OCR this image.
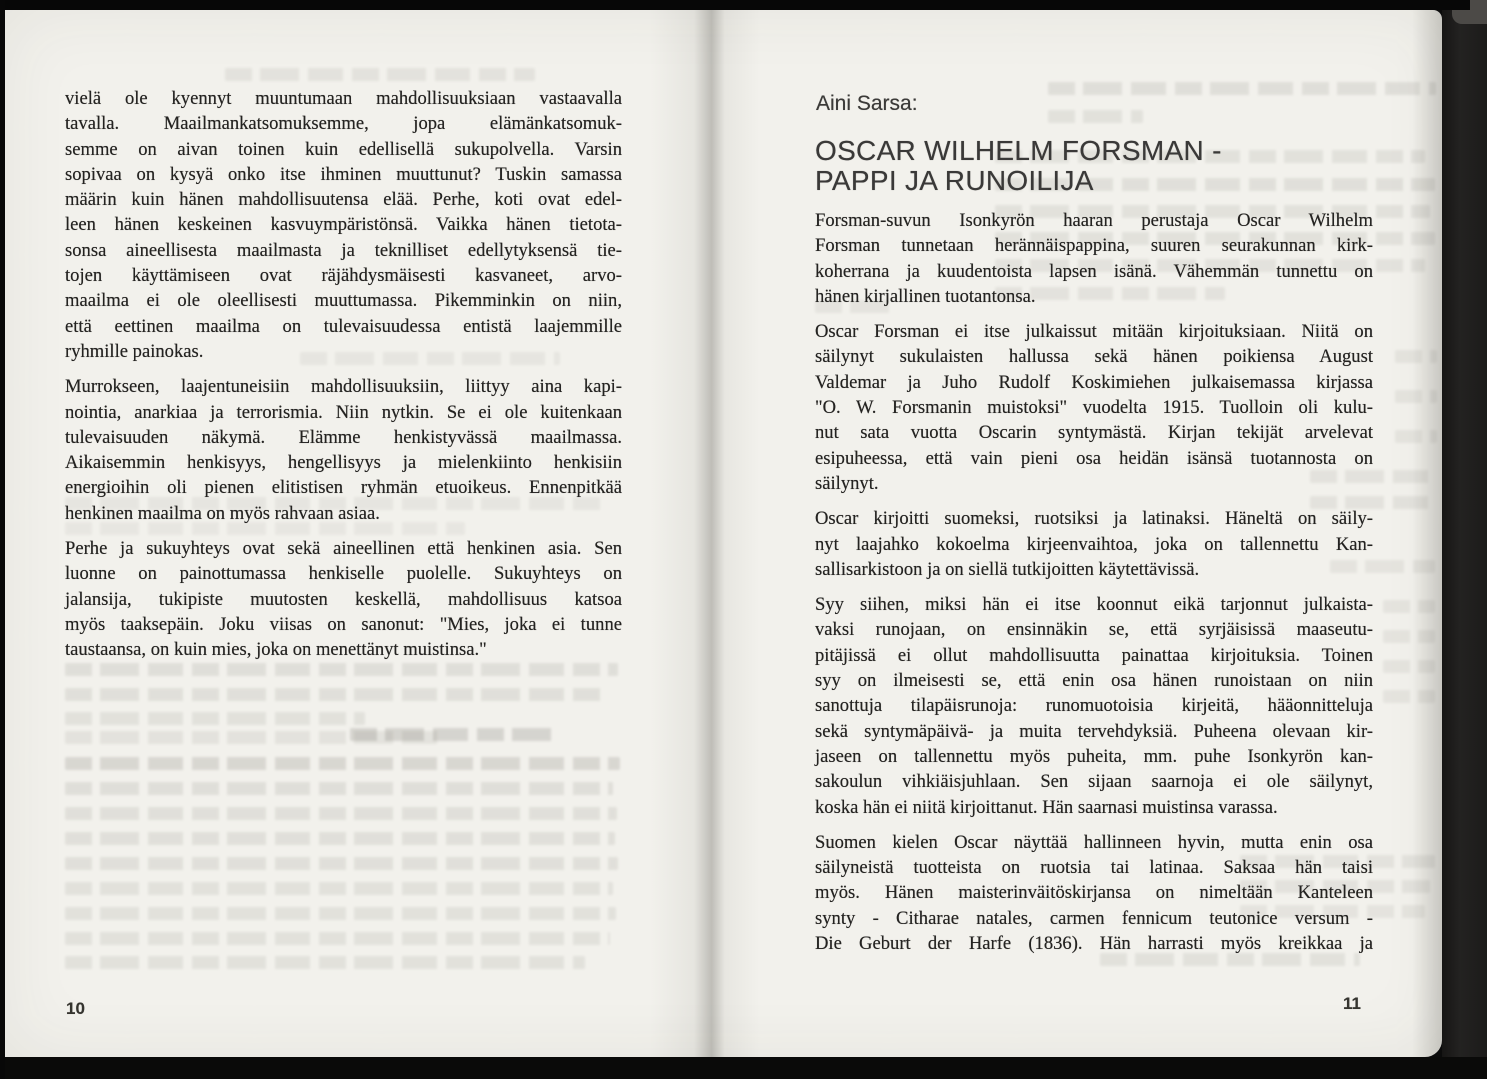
vielä ole kyennyt muuntumaan mahdollisuuksiaan vastaavalla
tavalla. Maailmankatsomuksemme, jopa elämänkatsomuk-
semme on aivan toinen kuin edellisellä sukupolvella. Varsin
sopivaa on kysyä onko itse ihminen muuttunut? Tuskin samassa
määrin kuin hänen mahdollisuutensa elää. Perhe, koti ovat edel-
leen hänen keskeinen kasvuympäristönsä. Vaikka hänen tietota-
sonsa aineellisesta maailmasta ja teknilliset edellytyksensä tie-
tojen käyttämiseen ovat räjähdysmäisesti kasvaneet, arvo-
maailma ei ole oleellisesti muuttumassa. Pikemminkin on niin,
että eettinen maailma on tulevaisuudessa entistä laajemmille
ryhmille painokas.
Murrokseen, laajentuneisiin mahdollisuuksiin, liittyy aina kapi-
nointia, anarkiaa ja terrorismia. Niin nytkin. Se ei ole kuitenkaan
tulevaisuuden näkymä. Elämme henkistyvässä maailmassa.
Aikaisemmin henkisyys, hengellisyys ja mielenkiinto henkisiin
energioihin oli pienen elitistisen ryhmän etuoikeus. Ennenpitkää
henkinen maailma on myös rahvaan asiaa.
Perhe ja sukuyhteys ovat sekä aineellinen että henkinen asia. Sen
luonne on painottumassa henkiselle puolelle. Sukuyhteys on
jalansija, tukipiste muutosten keskellä, mahdollisuus katsoa
myös taaksepäin. Joku viisas on sanonut: "Mies, joka ei tunne
taustaansa, on kuin mies, joka on menettänyt muistinsa."
10
Aini Sarsa:
OSCAR WILHELM FORSMAN -
PAPPI JA RUNOILIJA
Forsman-suvun Isonkyrön haaran perustaja Oscar Wilhelm
Forsman tunnetaan herännäispappina, suuren seurakunnan kirk-
koherrana ja kuudentoista lapsen isänä. Vähemmän tunnettu on
hänen kirjallinen tuotantonsa.
Oscar Forsman ei itse julkaissut mitään kirjoituksiaan. Niitä on
säilynyt sukulaisten hallussa sekä hänen poikiensa August
Valdemar ja Juho Rudolf Koskimiehen julkaisemassa kirjassa
"O. W. Forsmanin muistoksi" vuodelta 1915. Tuolloin oli kulu-
nut sata vuotta Oscarin syntymästä. Kirjan tekijät arvelevat
esipuheessa, että vain pieni osa heidän isänsä tuotannosta on
säilynyt.
Oscar kirjoitti suomeksi, ruotsiksi ja latinaksi. Häneltä on säily-
nyt laajahko kokoelma kirjeenvaihtoa, joka on tallennettu Kan-
sallisarkistoon ja on siellä tutkijoitten käytettävissä.
Syy siihen, miksi hän ei itse koonnut eikä tarjonnut julkaista-
vaksi runojaan, on ensinnäkin se, että syrjäisissä maaseutu-
pitäjissä ei ollut mahdollisuutta painattaa kirjoituksia. Toinen
syy on ilmeisesti se, että enin osa hänen runoistaan on niin
sanottuja tilapäisrunoja: runomuotoisia kirjeitä, hääonnitteluja
sekä syntymäpäivä- ja muita tervehdyksiä. Puheena olevaan kir-
jaseen on tallennettu myös puheita, mm. puhe Isonkyrön kan-
sakoulun vihkiäisjuhlaan. Sen sijaan saarnoja ei ole säilynyt,
koska hän ei niitä kirjoittanut. Hän saarnasi muistinsa varassa.
Suomen kielen Oscar näyttää hallinneen hyvin, mutta enin osa
säilyneistä tuotteista on ruotsia tai latinaa. Saksaa hän taisi
myös. Hänen maisterinväitöskirjansa on nimeltään Kanteleen
synty - Citharae natales, carmen fennicum teutonice versum -
Die Geburt der Harfe (1836). Hän harrasti myös kreikkaa ja
11
